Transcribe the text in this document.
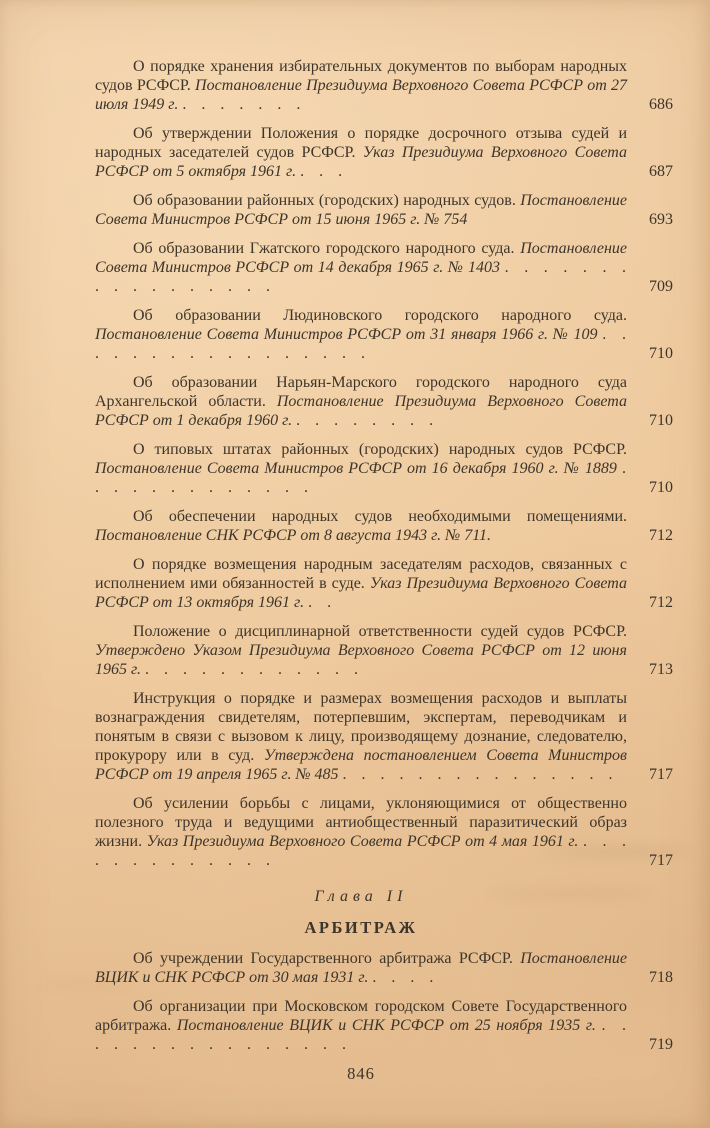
О порядке хранения избирательных документов по выборам народных судов РСФСР. Постановление Президиума Верховного Совета РСФСР от 27 июля 1949 г. . . . . . . .	686

Об утверждении Положения о порядке досрочного отзыва судей и народных заседателей судов РСФСР. Указ Президиума Верховного Совета РСФСР от 5 октября 1961 г. . . .	687

Об образовании районных (городских) народных судов. Постановление Совета Министров РСФСР от 15 июня 1965 г. № 754	693

Об образовании Гжатского городского народного суда. Постановление Совета Министров РСФСР от 14 декабря 1965 г. № 1403 . . . . . . . . . . . . . . . . .	709

Об образовании Людиновского городского народного суда. Постановление Совета Министров РСФСР от 31 января 1966 г. № 109 . . . . . . . . . . . . . . . . .	710

Об образовании Нарьян-Марского городского народного суда Архангельской области. Постановление Президиума Верховного Совета РСФСР от 1 декабря 1960 г. . . . . . . . .	710

О типовых штатах районных (городских) народных судов РСФСР. Постановление Совета Министров РСФСР от 16 декабря 1960 г. № 1889 . . . . . . . . . . . . .	710

Об обеспечении народных судов необходимыми помещениями. Постановление СНК РСФСР от 8 августа 1943 г. № 711.	712

О порядке возмещения народным заседателям расходов, связанных с исполнением ими обязанностей в суде. Указ Президиума Верховного Совета РСФСР от 13 октября 1961 г. . .	712

Положение о дисциплинарной ответственности судей судов РСФСР. Утверждено Указом Президиума Верховного Совета РСФСР от 12 июня 1965 г. . . . . . . . . . . . .	713

Инструкция о порядке и размерах возмещения расходов и выплаты вознаграждения свидетелям, потерпевшим, экспертам, переводчикам и понятым в связи с вызовом к лицу, производящему дознание, следователю, прокурору или в суд. Утверждена постановлением Совета Министров РСФСР от 19 апреля 1965 г. № 485 . . . . . . . . . . . . . . .	717

Об усилении борьбы с лицами, уклоняющимися от общественно полезного труда и ведущими антиобщественный паразитический образ жизни. Указ Президиума Верховного Совета РСФСР от 4 мая 1961 г. . . . . . . . . . . . . .	717

Глава II
АРБИТРАЖ

Об учреждении Государственного арбитража РСФСР. Постановление ВЦИК и СНК РСФСР от 30 мая 1931 г. . . . .	718

Об организации при Московском городском Совете Государственного арбитража. Постановление ВЦИК и СНК РСФСР от 25 ноября 1935 г. . . . . . . . . . . . . . . . .	719

846
